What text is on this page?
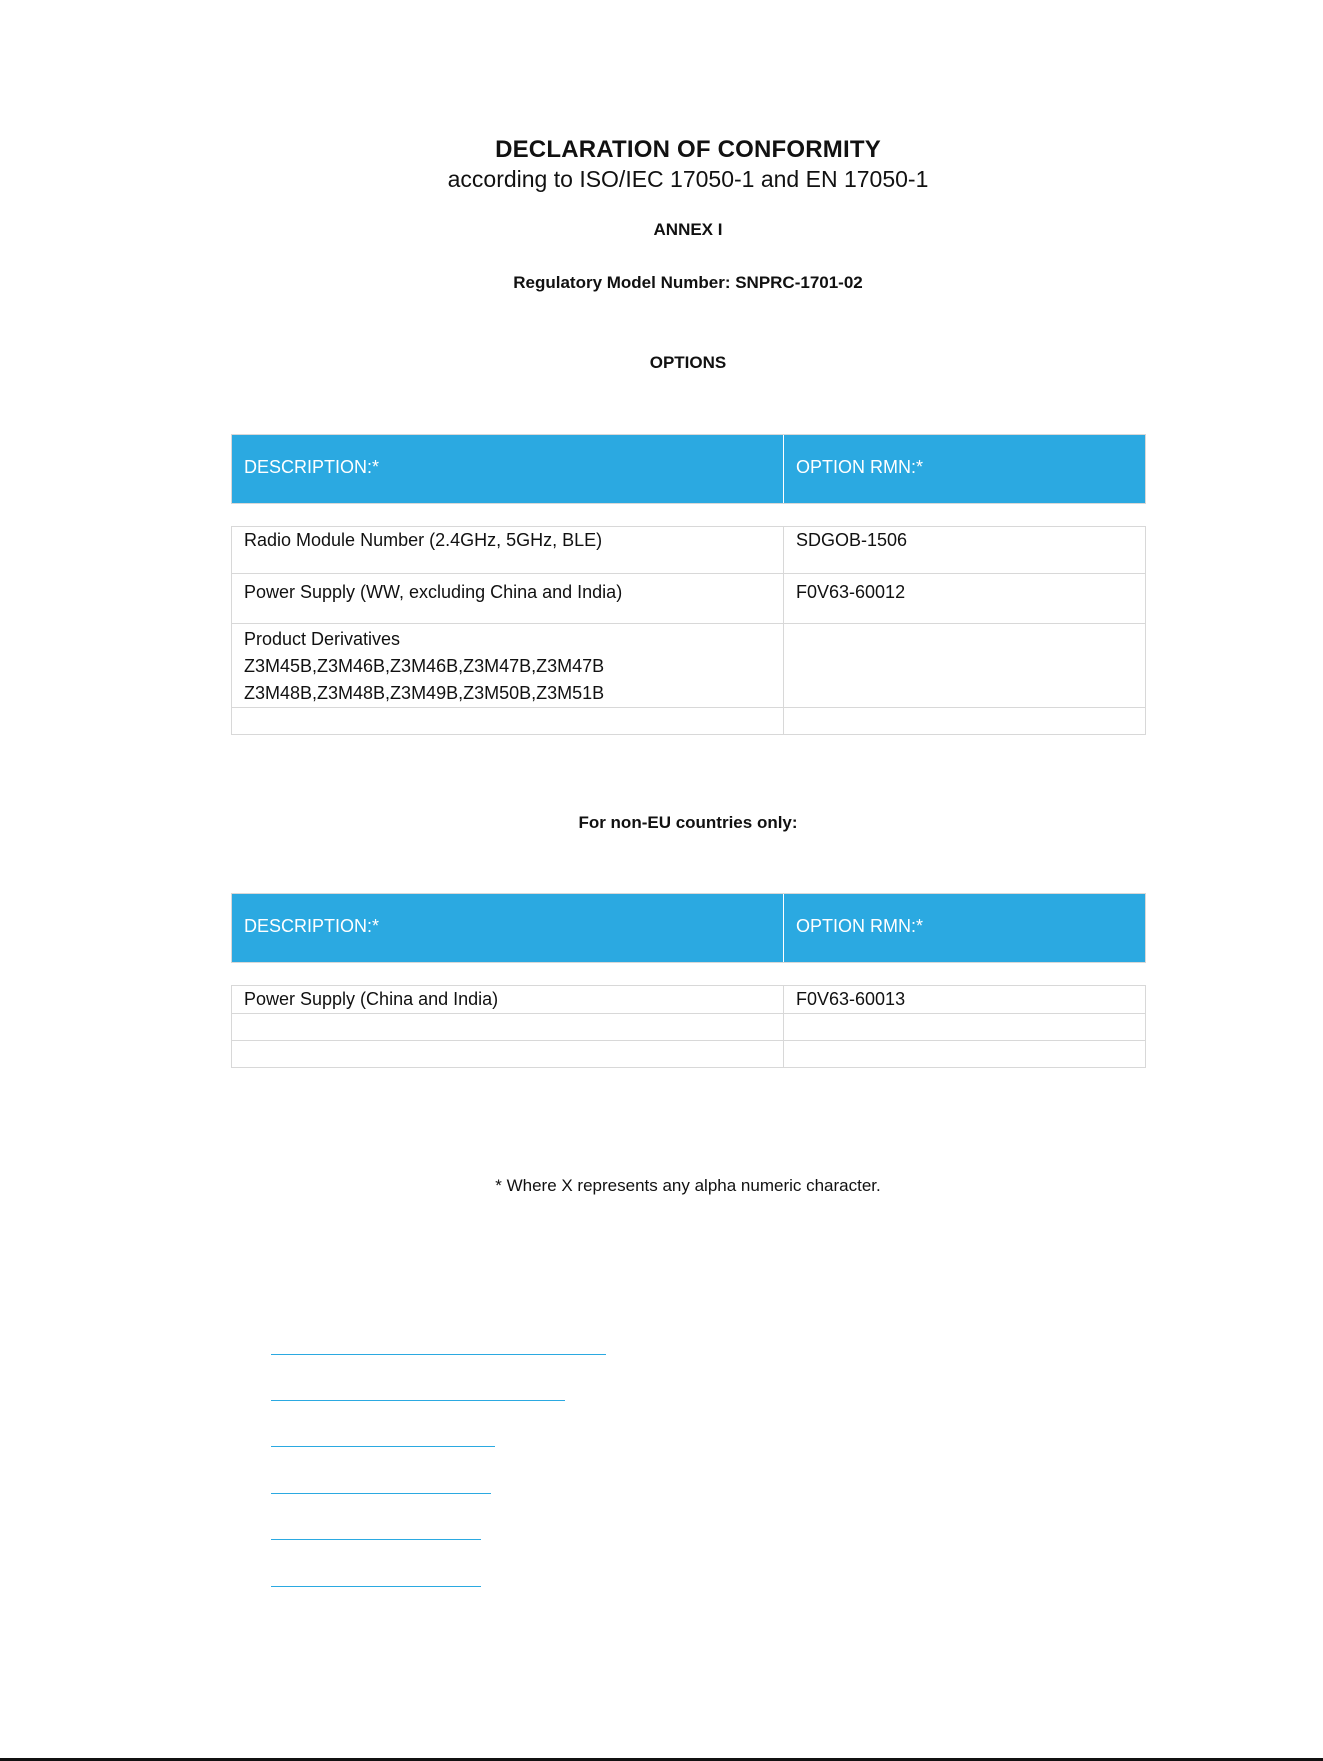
DECLARATION OF CONFORMITY
according to ISO/IEC 17050-1 and EN 17050-1
ANNEX I
Regulatory Model Number: SNPRC-1701-02
OPTIONS
DESCRIPTION:*	OPTION RMN:*
Radio Module Number (2.4GHz, 5GHz, BLE)	SDGOB-1506
Power Supply (WW, excluding China and India)	F0V63-60012

Product Derivatives
Z3M45B,Z3M46B,Z3M46B,Z3M47B,Z3M47B
Z3M48B,Z3M48B,Z3M49B,Z3M50B,Z3M51B	

For non-EU countries only:
DESCRIPTION:*	OPTION RMN:*
Power Supply (China and India)	F0V63-60013

* Where X represents any alpha numeric character.
